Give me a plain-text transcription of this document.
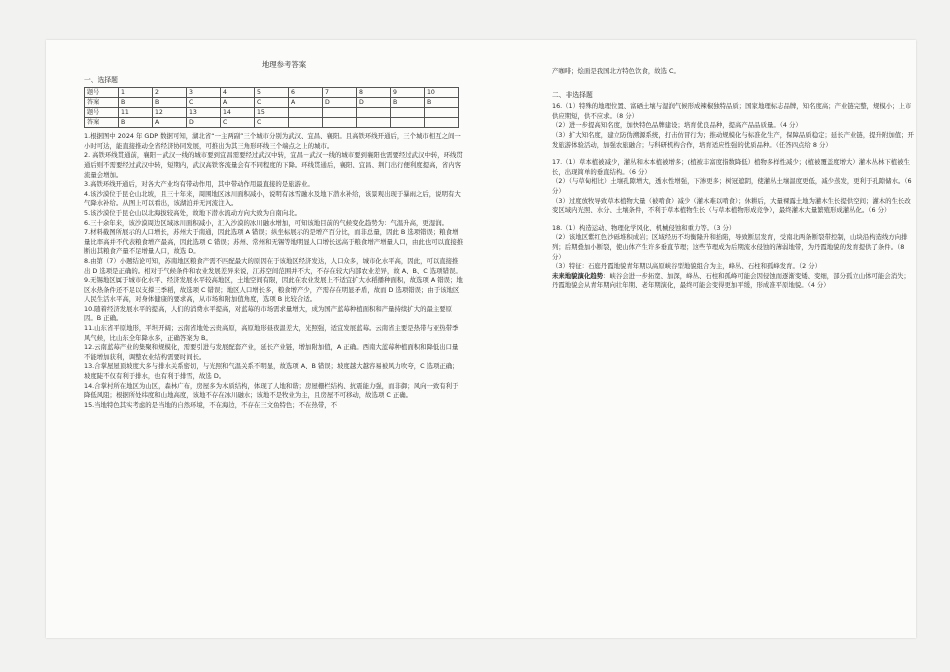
地理参考答案
一、选择题
题号	1	2	3	4	5	6	7	8	9	10
答案	B	B	C	A	C	A	D	D	B	B
题号	11	12	13	14	15					
答案	B	A	D	C	C					

1.根据图中 2024 年 GDP 数据可知，湖北省“一主两副”三个城市分别为武汉、宜昌、襄阳。且高铁环线开通后，三个城市相互之间一小时可达，能直接推动全省经济协同发展，可推出为其三角形环线三个端点之上的城市。

2. 高铁环线贯通前，襄阳－武汉一线的城市要到宜昌需要经过武汉中转，宜昌－武汉一线的城市要到襄阳也需要经过武汉中转，环线贯通后则不需要经过武汉中转，短期内，武汉高铁客流量会有不同程度的下降。环线贯通后，襄阳、宜昌、荆门出行便利度提高，省内客流量会增加。

3.高铁环线开通后，对各大产业均有带动作用，其中带动作用最直接的是旅游业。

4.该沙漠位于昆仑山北坡，且三十年来，周围地区冰川面积减小，说明有冰雪融水及地下潜水补给，该景观出现于暴雨之后，说明有大气降水补给。从图上可以看出，该湖泊并无河流注入。

5.该沙漠位于昆仑山以北海拔较高处，故地下潜水流动方向大致为自南向北。

6.三十余年来，该沙漠周边区域冰川面积减小，汇入沙漠的冰川融水增加，可知该地目前的气候变化趋势为：气温升高，更湿润。

7.材料截图所展示的人口增长，苏州大于南通，因此选项 A 错误；纵坐标展示的是增产百分比，而非总量，因此 B 选项错误；粮食增量比率高并不代表粮食增产最高，因此选项 C 错误；苏州、常州和无锡等地明显人口增长远高于粮食增产增量人口，由此也可以直接推断出其粮食产量不足增量人口，故选 D。

8.由第（7）小题结论可知，苏南地区粮食产需不匹配最大的原因在于该地区经济发达，人口众多，城市化水平高，因此，可以直接推出 D 选项是正确的。相对于气候条件和农业发展差异来说，江苏空间范围并不大，不存在较大内部农业差异，故 A、B、C 选项错误。

9.无锡地区属于城市化水平、经济发展水平较高地区，土地空间有限，因此在农业发展上不适宜扩大水稻播种面积，故选项 A 错误；地区水热条件还不足以支撑三季稻，故选项 C 错误；地区人口增长多，粮食增产少，产需存在明显矛盾，故而 D 选项错误；由于该地区人民生活水平高，对身体健康的要求高，从市场和附加值角度，选项 B 比较合适。

10.随着经济发展水平的提高，人们的消费水平提高，对蓝莓的市场需求量增大，成为国产蓝莓种植面积和产量持续扩大的最主要原因。B 正确。

11.山东省平原地形，平坦开阔；云南省地处云贵高原，高原地形昼夜温差大，光照强，适宜发展蓝莓。云南省主要是热带与亚热带季风气候，比山东全年降水多，正确答案为 B。

12.云南蓝莓产业的集聚和规模化，需要引进与发展配套产业，延长产业链，增加附加值，A 正确。西南大蓝莓种植面积和降低出口量不能增加获利，调整农业结构需要时间长。

13.合掌屋屋顶坡度大多与排水关系密切，与光照和气温关系不明显，故选项 A、B 错误；坡度越大越容易被风力吹夸，C 选项正确；坡度陡不仅有利于排水，也有利于排雪，故选 D。

14.合掌村所在地区为山区，森林广布，房屋多为木质结构，体现了人地和谐；房屋栅栏结构、抗震能力强，而非御；风向一致有利于降低风阻；根据所处纬度和山地高度，该地不存在冰川融水；该地不是牧业为主，且房屋不可移动，故选项 C 正确。

15.当地特色其实考虑的是当地的自然环境，不在海边，不存在三文鱼特色；不在热带，不

产咖啡；烩面是我国北方特色饮食，故选 C。

二、非选择题

16.（1）特殊的地理位置、富硒土壤与湿润气候形成辣椒独特品质；国家地理标志品牌，知名度高；产业链完整，规模小；上市供应期短，供不应求。（8 分）

（2）进一步提高知名度，加快特色品牌建设；培育优良品种，提高产品品质量。（4 分）

（3）扩大知名度，建立防伪溯源系统，打击仿冒行为；推动规模化与标准化生产，保障品质稳定；延长产业链，提升附加值；开发旅游体验活动，加强农旅融合；与科研机构合作，培育适应性强的优质品种。（任答四点给 8 分）

17.（1）草本植被减少，灌丛和木本植被增多；(植被丰富度指数降低）植物多样性减少；(植被覆盖度增大）灌木丛林下植被生长，出现简单的垂直结构。（6 分）

（2）（与草甸相比）土壤孔隙增大，透水性增强，下渗更多；树冠遮阴，使灌丛土壤温度更低，减少蒸发，更利于孔隙储水。（6 分）

（3）过度放牧导致草本植物大量（被啃食）减少（灌木难以啃食）；休耕后，大量裸露土地为灌木生长提供空间；灌木的生长改变区域内光照、水分、土壤条件，不利于草本植物生长（与草本植物形成竞争），最终灌木大量繁殖形成灌丛化。（6 分）

18.（1）构造运动、物理化学风化、机械侵蚀和重力等。（3 分）

（2）该地区紫红色沙砾堆积成岩；区域经历不均衡隆升和抬陷，导致断层发育，受南北两条断裂带控制，山块沿构造线方向排列；后期叠加小断裂，使山体产生许多垂直节理；这些节理成为后期流水侵蚀的薄弱地带，为丹霞地貌的发育提供了条件。（8 分）

（3）特征：石庭丹霞地貌青年期以高原峡谷型地貌组合为主，峰丛、石柱和孤峰发育。（2 分）

未来地貌演化趋势：峡谷会进一步拓宽、加深，峰丛、石柱和孤峰可能会因侵蚀而逐渐变矮、变细，部分孤立山体可能会消失；丹霞地貌会从青年期向壮年期、老年期演化，最终可能会变得更加平缓，形成准平原地貌。（4 分）
